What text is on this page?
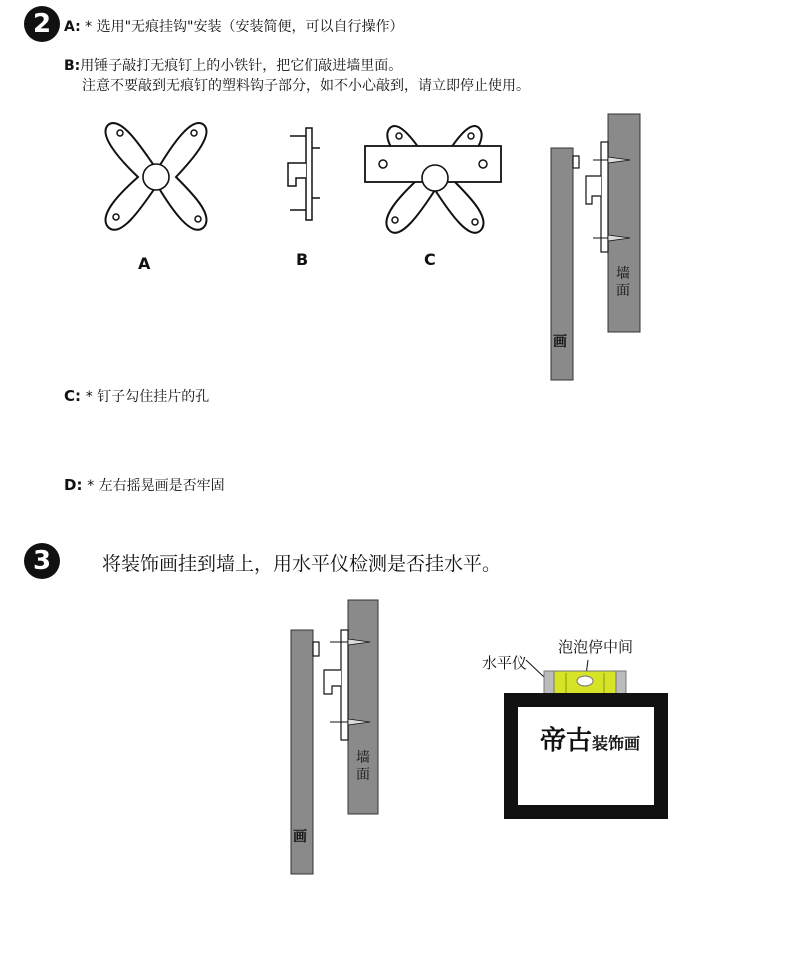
2 A: * 选用"无痕挂钩"安装（安装简便，可以自行操作）
B:用锤子敲打无痕钉上的小铁针，把它们敲进墙里面。
注意不要敲到无痕钉的塑料钩子部分，如不小心敲到，请立即停止使用。
A	B	C
墙面
画
C: * 钉子勾住挂片的孔
D: * 左右摇晃画是否牢固
3	将装饰画挂到墙上，用水平仪检测是否挂水平。
墙面
画
泡泡停中间
水平仪
帝古装饰画
